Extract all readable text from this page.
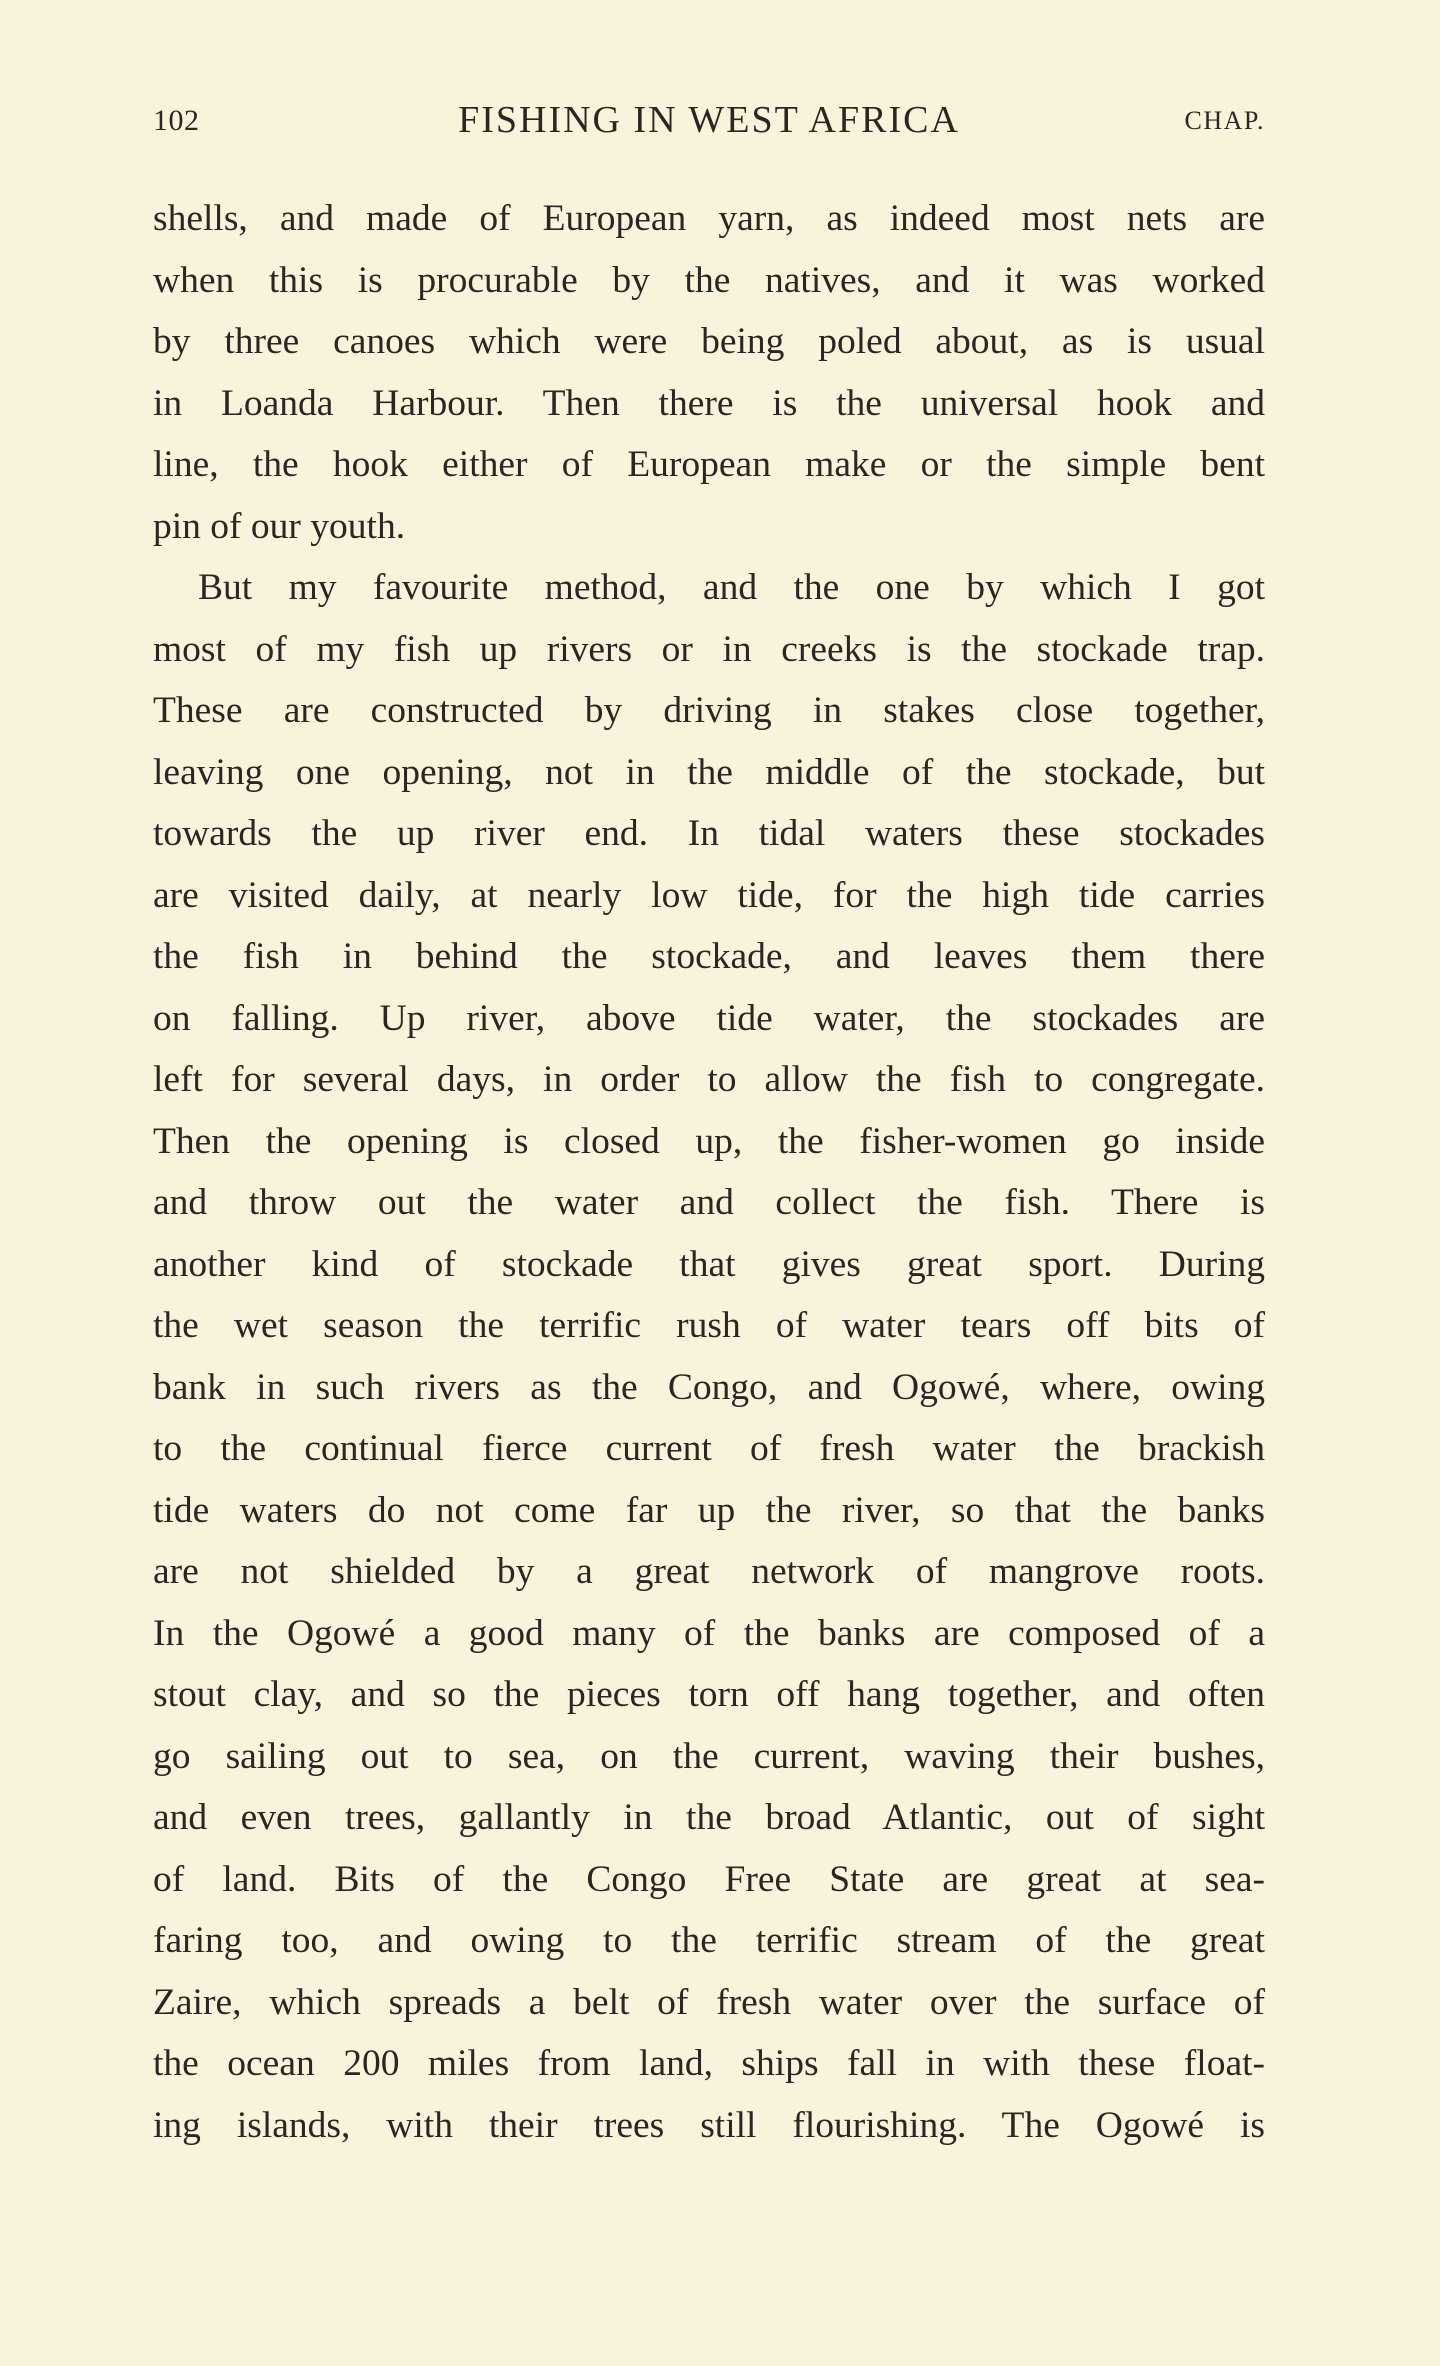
102	FISHING IN WEST AFRICA	CHAP.
shells, and made of European yarn, as indeed most nets are
when this is procurable by the natives, and it was worked
by three canoes which were being poled about, as is usual
in Loanda Harbour. Then there is the universal hook and
line, the hook either of European make or the simple bent
pin of our youth.
But my favourite method, and the one by which I got
most of my fish up rivers or in creeks is the stockade trap.
These are constructed by driving in stakes close together,
leaving one opening, not in the middle of the stockade, but
towards the up river end. In tidal waters these stockades
are visited daily, at nearly low tide, for the high tide carries
the fish in behind the stockade, and leaves them there
on falling. Up river, above tide water, the stockades are
left for several days, in order to allow the fish to congregate.
Then the opening is closed up, the fisher-women go inside
and throw out the water and collect the fish. There is
another kind of stockade that gives great sport. During
the wet season the terrific rush of water tears off bits of
bank in such rivers as the Congo, and Ogowé, where, owing
to the continual fierce current of fresh water the brackish
tide waters do not come far up the river, so that the banks
are not shielded by a great network of mangrove roots.
In the Ogowé a good many of the banks are composed of a
stout clay, and so the pieces torn off hang together, and often
go sailing out to sea, on the current, waving their bushes,
and even trees, gallantly in the broad Atlantic, out of sight
of land. Bits of the Congo Free State are great at sea-
faring too, and owing to the terrific stream of the great
Zaire, which spreads a belt of fresh water over the surface of
the ocean 200 miles from land, ships fall in with these float-
ing islands, with their trees still flourishing. The Ogowé is
